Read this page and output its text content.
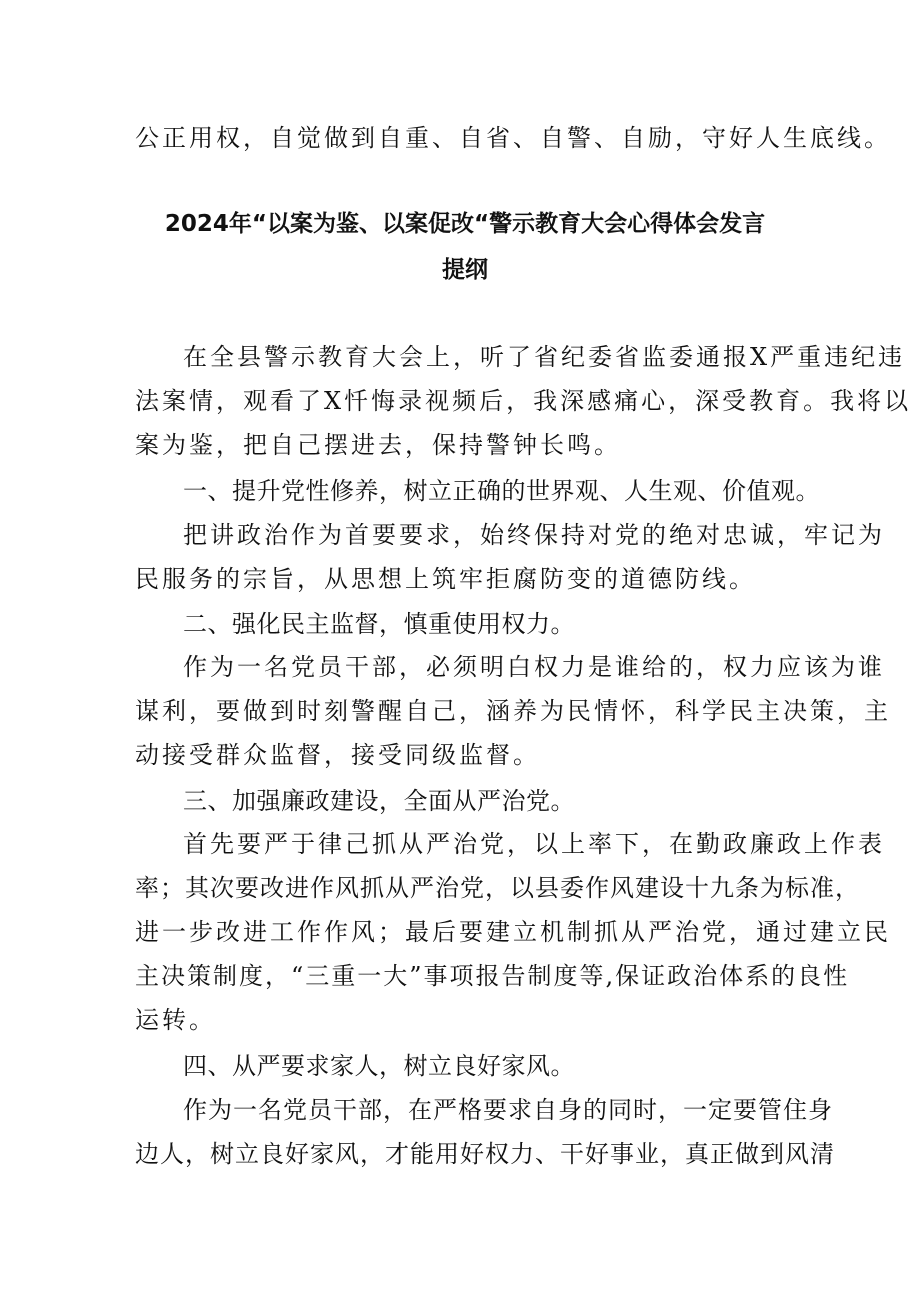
公正用权，自觉做到自重、自省、自警、自励，守好人生底线。
2024年“以案为鉴、以案促改“警示教育大会心得体会发言
提纲
在全县警示教育大会上，听了省纪委省监委通报X严重违纪违
法案情，观看了X忏悔录视频后，我深感痛心，深受教育。我将以
案为鉴，把自己摆进去，保持警钟长鸣。
一、提升党性修养，树立正确的世界观、人生观、价值观。
把讲政治作为首要要求，始终保持对党的绝对忠诚，牢记为
民服务的宗旨，从思想上筑牢拒腐防变的道德防线。
二、强化民主监督，慎重使用权力。
作为一名党员干部，必须明白权力是谁给的，权力应该为谁
谋利，要做到时刻警醒自己，涵养为民情怀，科学民主决策，主
动接受群众监督，接受同级监督。
三、加强廉政建设，全面从严治党。
首先要严于律己抓从严治党，以上率下，在勤政廉政上作表
率；其次要改进作风抓从严治党，以县委作风建设十九条为标准，
进一步改进工作作风；最后要建立机制抓从严治党，通过建立民
主决策制度，“三重一大”事项报告制度等,保证政治体系的良性
运转。
四、从严要求家人，树立良好家风。
作为一名党员干部，在严格要求自身的同时，一定要管住身
边人，树立良好家风，才能用好权力、干好事业，真正做到风清
